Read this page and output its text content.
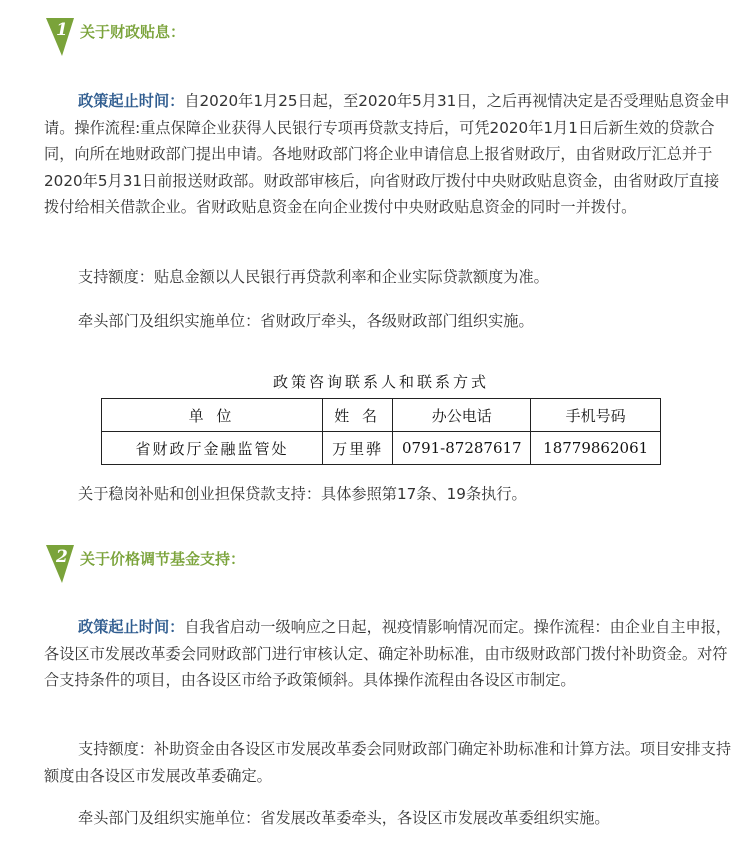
1 关于财政贴息：

政策起止时间：自2020年1月25日起，至2020年5月31日，之后再视情决定是否受理贴息资金申请。操作流程:重点保障企业获得人民银行专项再贷款支持后，可凭2020年1月1日后新生效的贷款合同，向所在地财政部门提出申请。各地财政部门将企业申请信息上报省财政厅，由省财政厅汇总并于2020年5月31日前报送财政部。财政部审核后，向省财政厅拨付中央财政贴息资金，由省财政厅直接拨付给相关借款企业。省财政贴息资金在向企业拨付中央财政贴息资金的同时一并拨付。

支持额度：贴息金额以人民银行再贷款利率和企业实际贷款额度为准。

牵头部门及组织实施单位：省财政厅牵头，各级财政部门组织实施。

政策咨询联系人和联系方式
单 位	姓 名	办公电话	手机号码
省财政厅金融监管处	万里骅	0791-87287617	18779862061

关于稳岗补贴和创业担保贷款支持：具体参照第17条、19条执行。

2 关于价格调节基金支持：

政策起止时间：自我省启动一级响应之日起，视疫情影响情况而定。操作流程：由企业自主申报，各设区市发展改革委会同财政部门进行审核认定、确定补助标准，由市级财政部门拨付补助资金。对符合支持条件的项目，由各设区市给予政策倾斜。具体操作流程由各设区市制定。

支持额度：补助资金由各设区市发展改革委会同财政部门确定补助标准和计算方法。项目安排支持额度由各设区市发展改革委确定。

牵头部门及组织实施单位：省发展改革委牵头，各设区市发展改革委组织实施。
